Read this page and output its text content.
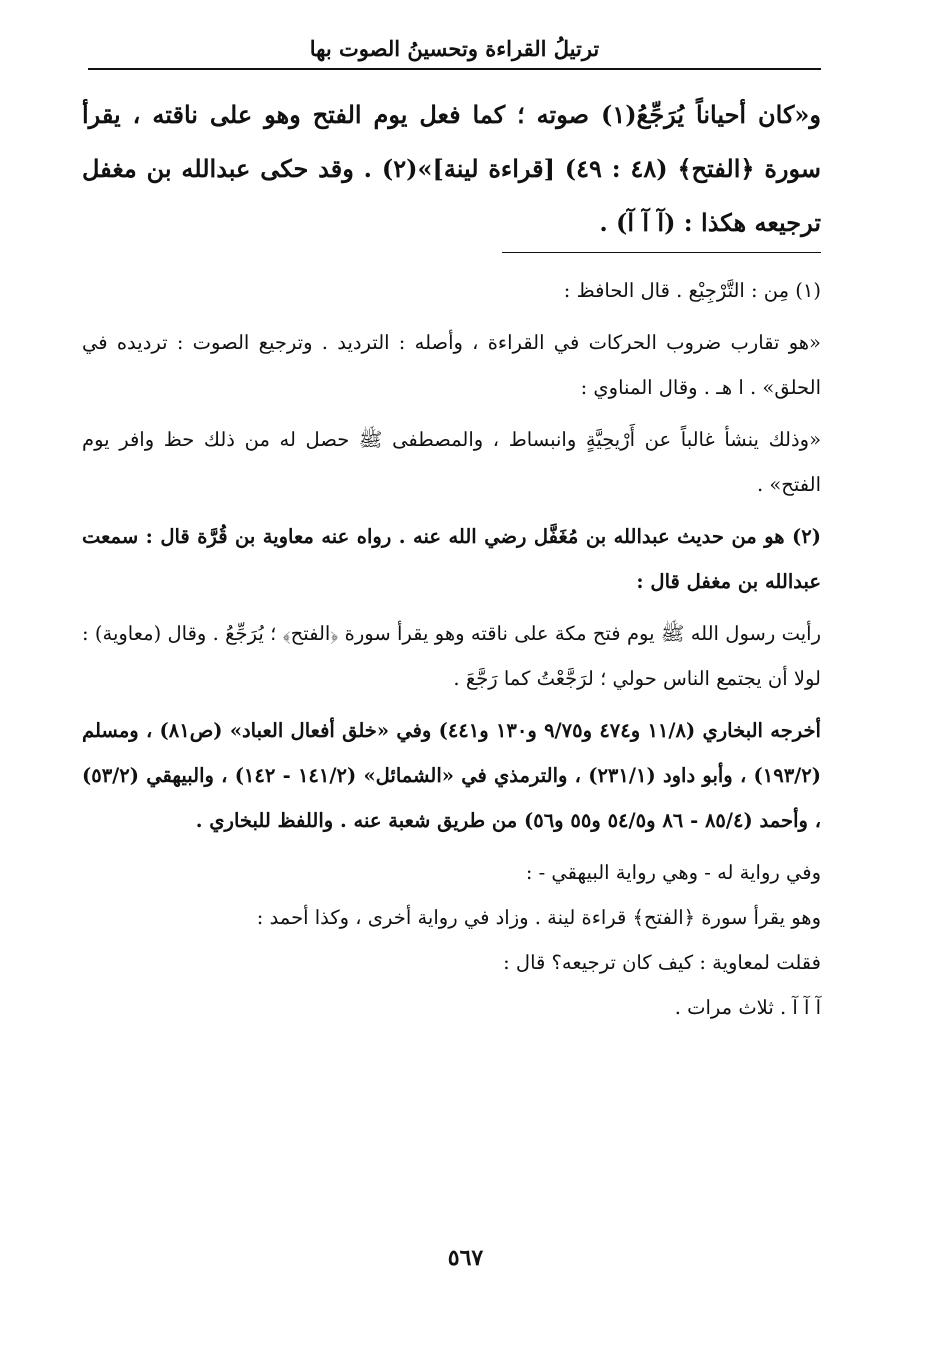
ترتيلُ القراءة وتحسينُ الصوت بها
و«كان أحياناً يُرَجِّعُ(١) صوته ؛ كما فعل يوم الفتح وهو على ناقته ، يقرأ سورة ﴿الفتح﴾ (٤٨ : ٤٩) [قراءة لينة]»(٢) . وقد حكى عبدالله بن مغفل ترجيعه هكذا : (آ آ آ) .

(١) مِن : التَّرْجِيْع . قال الحافظ :

«هو تقارب ضروب الحركات في القراءة ، وأصله : الترديد . وترجيع الصوت : ترديده في الحلق» . ا هـ . وقال المناوي :

«وذلك ينشأ غالباً عن أَرْيحِيَّةٍ وانبساط ، والمصطفى ﷺ حصل له من ذلك حظ وافر يوم الفتح» .

(٢) هو من حديث عبدالله بن مُغَفَّل رضي الله عنه . رواه عنه معاوية بن قُرَّة قال : سمعت عبدالله بن مغفل قال :

رأيت رسول الله ﷺ يوم فتح مكة على ناقته وهو يقرأ سورة ﴿الفتح﴾ ؛ يُرَجِّعُ . وقال (معاوية) : لولا أن يجتمع الناس حولي ؛ لرَجَّعْتُ كما رَجَّعَ .

أخرجه البخاري (١١/٨ و٤٧٤ و٩/٧٥ و١٣٠ و٤٤١) وفي «خلق أفعال العباد» (ص٨١) ، ومسلم (١٩٣/٢) ، وأبو داود (٢٣١/١) ، والترمذي في «الشمائل» (١٤١/٢ - ١٤٢) ، والبيهقي (٥٣/٢) ، وأحمد (٨٥/٤ - ٨٦ و٥٤/٥ و٥٥ و٥٦) من طريق شعبة عنه . واللفظ للبخاري .

وفي رواية له - وهي رواية البيهقي - :

وهو يقرأ سورة ﴿الفتح﴾ قراءة لينة . وزاد في رواية أخرى ، وكذا أحمد :

فقلت لمعاوية : كيف كان ترجيعه؟ قال :

آ آ آ . ثلاث مرات .

٥٦٧
